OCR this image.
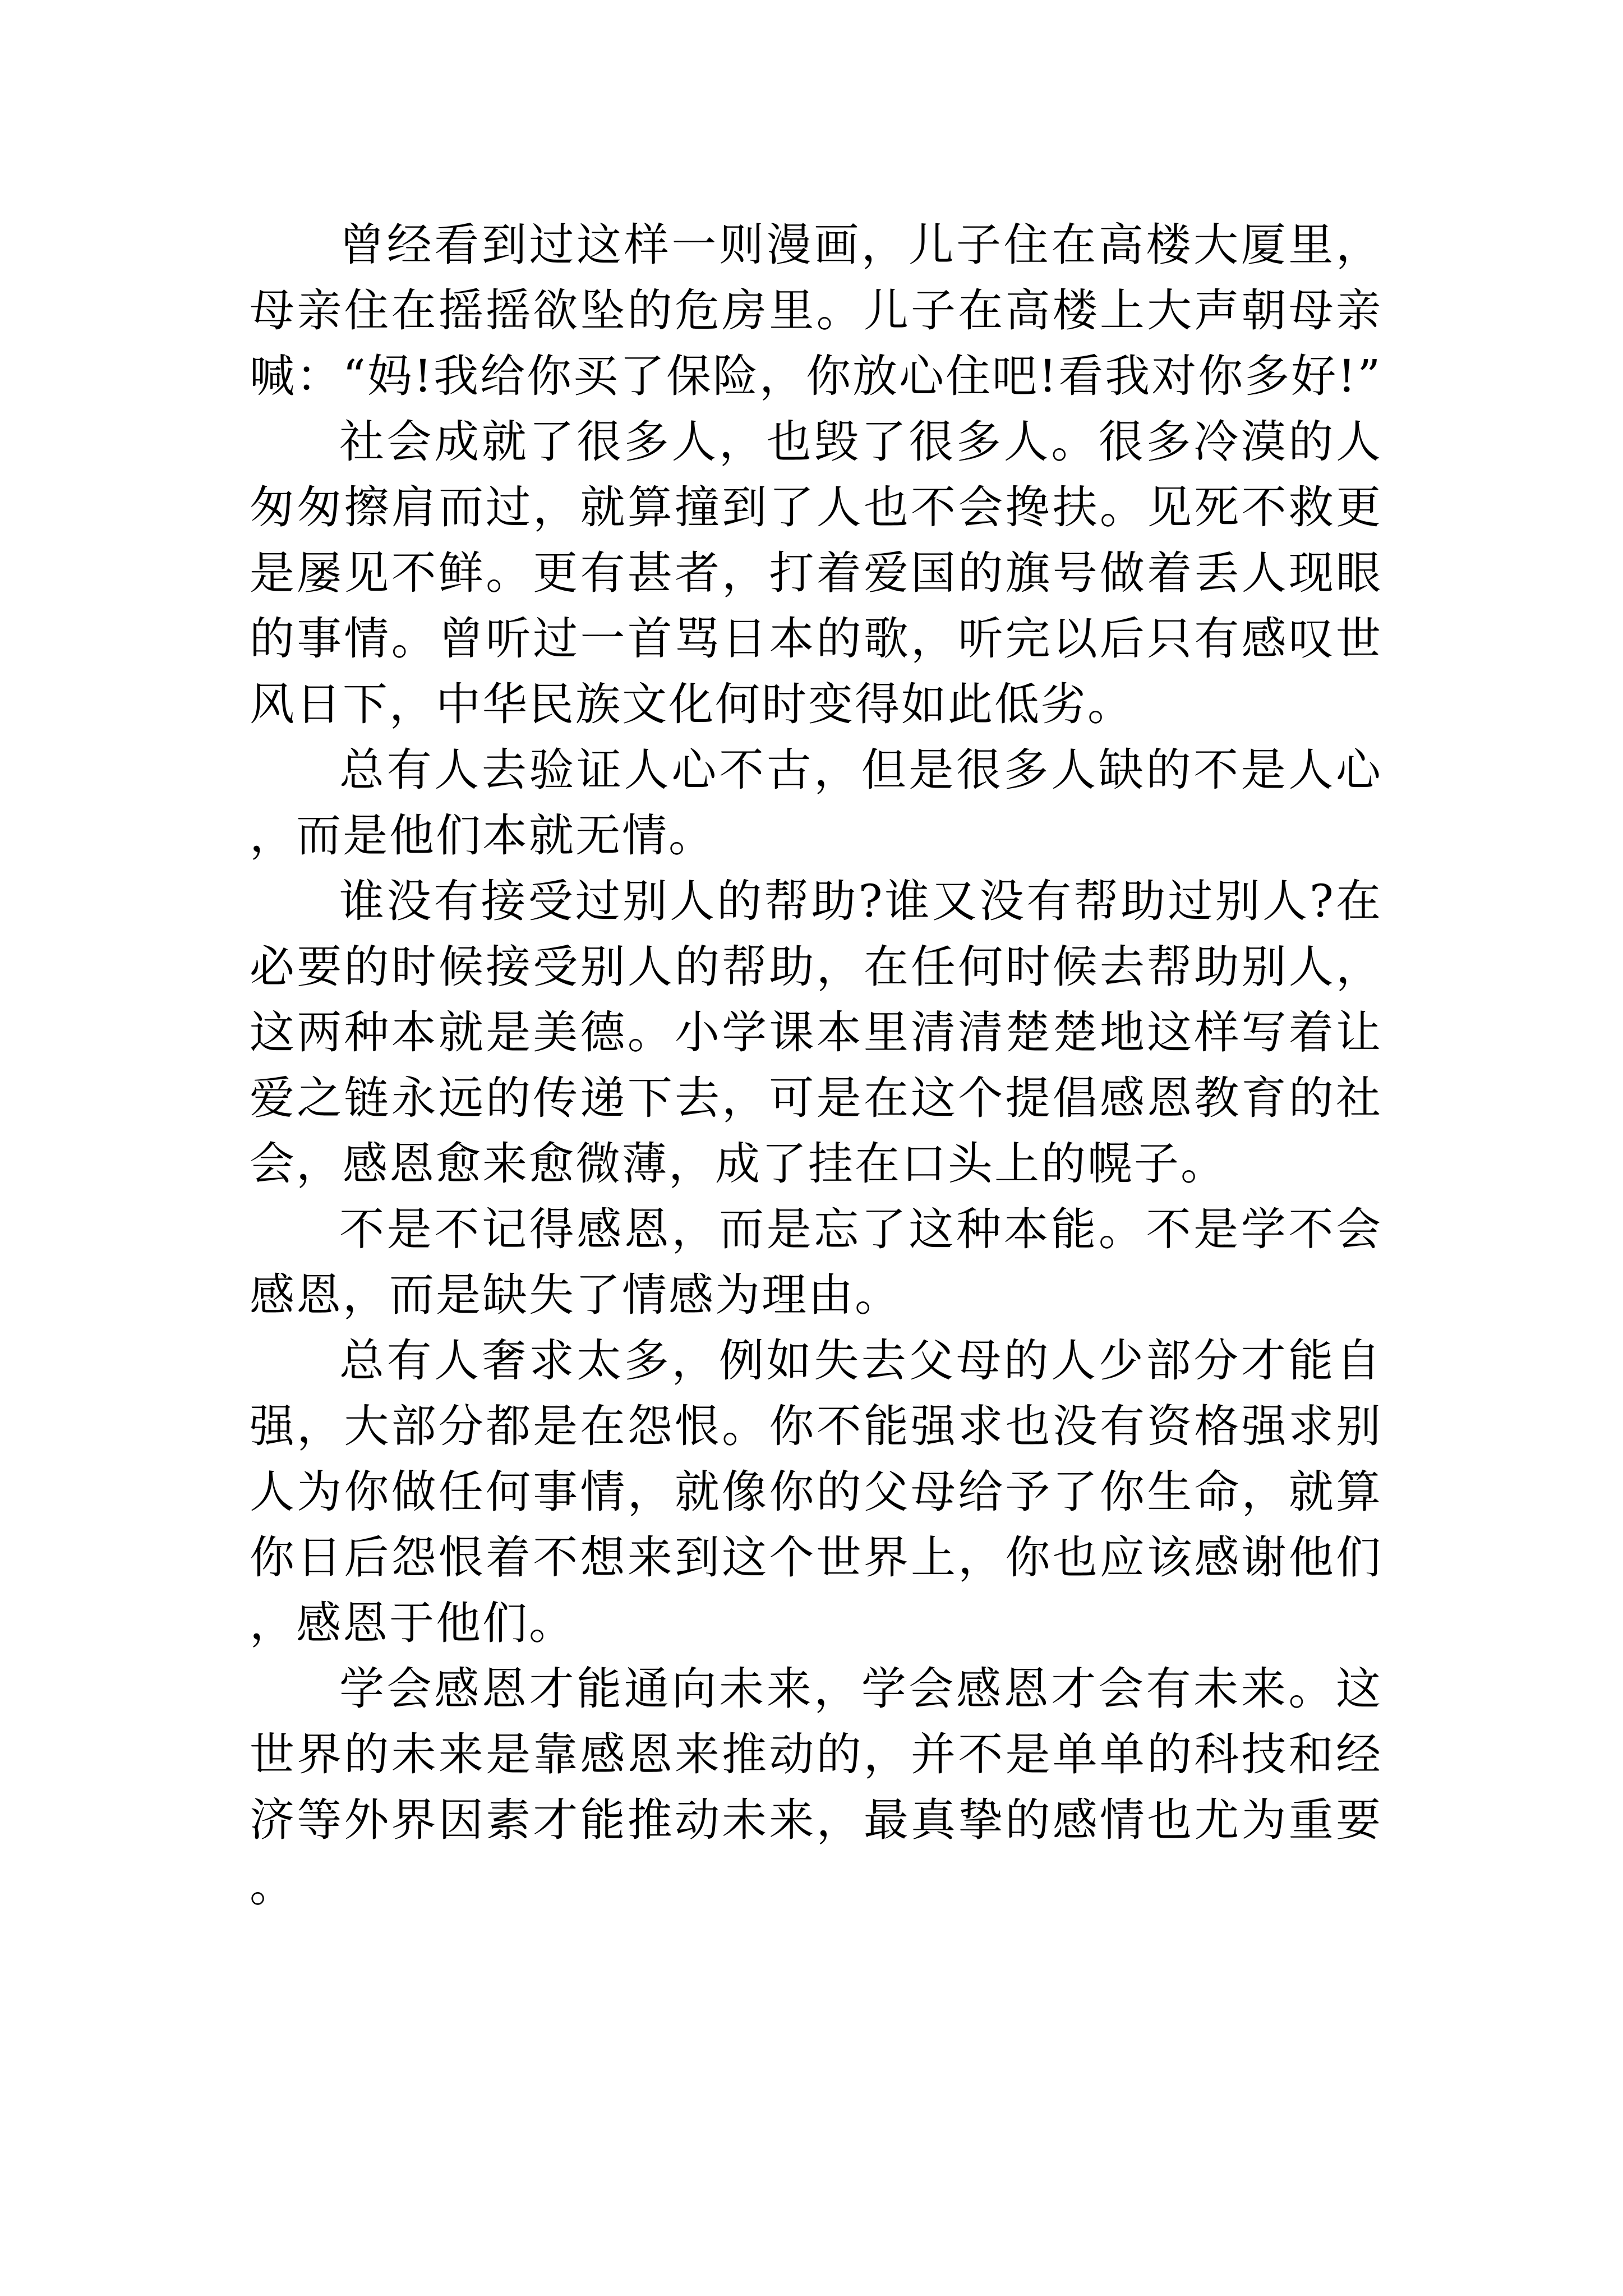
曾经看到过这样一则漫画，儿子住在高楼大厦里，母亲住在摇摇欲坠的危房里。儿子在高楼上大声朝母亲喊：“妈!我给你买了保险，你放心住吧!看我对你多好!”

社会成就了很多人，也毁了很多人。很多冷漠的人匆匆擦肩而过，就算撞到了人也不会搀扶。见死不救更是屡见不鲜。更有甚者，打着爱国的旗号做着丢人现眼的事情。曾听过一首骂日本的歌，听完以后只有感叹世风日下，中华民族文化何时变得如此低劣。

总有人去验证人心不古，但是很多人缺的不是人心，而是他们本就无情。

谁没有接受过别人的帮助?谁又没有帮助过别人?在必要的时候接受别人的帮助，在任何时候去帮助别人，这两种本就是美德。小学课本里清清楚楚地这样写着让爱之链永远的传递下去，可是在这个提倡感恩教育的社会，感恩愈来愈微薄，成了挂在口头上的幌子。

不是不记得感恩，而是忘了这种本能。不是学不会感恩，而是缺失了情感为理由。

总有人奢求太多，例如失去父母的人少部分才能自强，大部分都是在怨恨。你不能强求也没有资格强求别人为你做任何事情，就像你的父母给予了你生命，就算你日后怨恨着不想来到这个世界上，你也应该感谢他们，感恩于他们。

学会感恩才能通向未来，学会感恩才会有未来。这世界的未来是靠感恩来推动的，并不是单单的科技和经济等外界因素才能推动未来，最真挚的感情也尤为重要。
